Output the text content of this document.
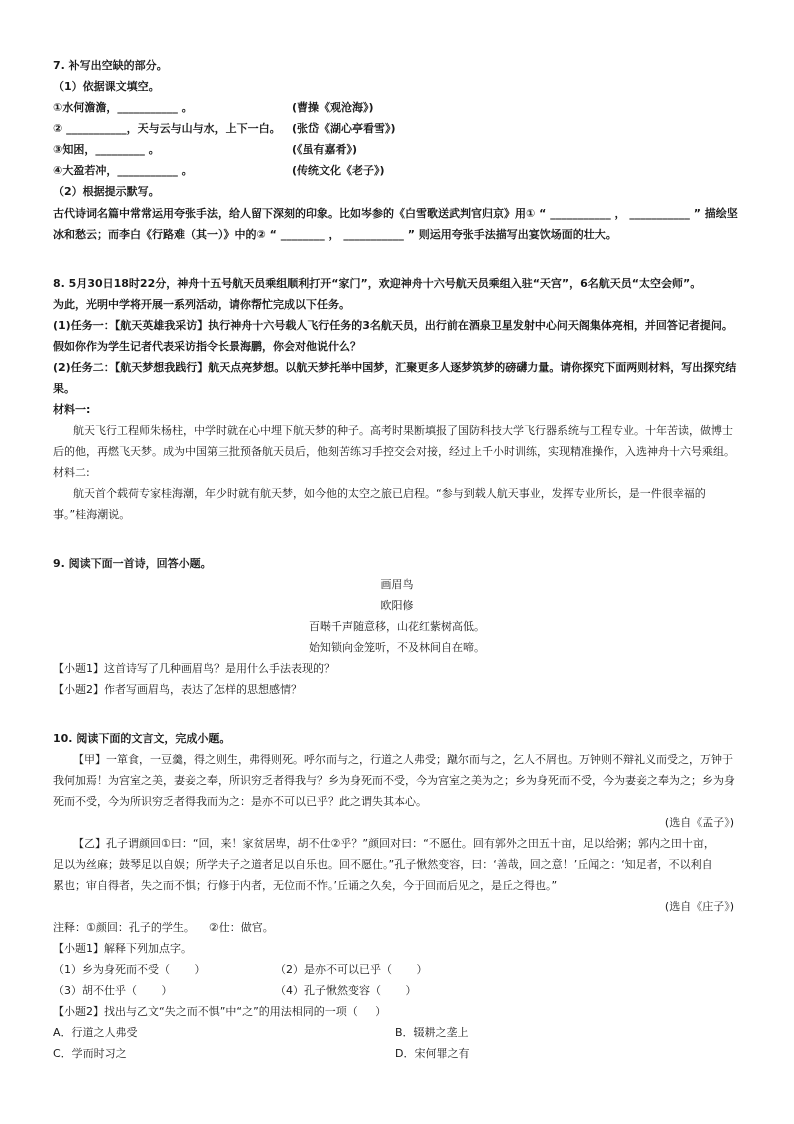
7. 补写出空缺的部分。

（1）依据课文填空。

①水何澹澹，___________ 。	(曹操《观沧海》)

② ___________，天与云与山与水，上下一白。 (张岱《湖心亭看雪》)

③知困，_________ 。	(《虽有嘉肴》)

④大盈若冲，___________ 。	(传统文化《老子》)

（2）根据提示默写。

古代诗词名篇中常常运用夸张手法，给人留下深刻的印象。比如岑参的《白雪歌送武判官归京》用① “ ___________ ， ___________ ” 描绘坚

冰和愁云；而李白《行路难（其一）》中的② “ ________ ， ___________ ” 则运用夸张手法描写出宴饮场面的壮大。

8. 5月30日18时22分，神舟十五号航天员乘组顺利打开“家门”，欢迎神舟十六号航天员乘组入驻“天宫”，6名航天员“太空会师”。

为此，光明中学将开展一系列活动，请你帮忙完成以下任务。

(1)任务一：【航天英雄我采访】执行神舟十六号载人飞行任务的3名航天员，出行前在酒泉卫星发射中心问天阁集体亮相，并回答记者提问。

假如你作为学生记者代表采访指令长景海鹏，你会对他说什么？

(2)任务二：【航天梦想我践行】航天点亮梦想。以航天梦托举中国梦，汇聚更多人逐梦筑梦的磅礴力量。请你探究下面两则材料，写出探究结

果。

材料一:

航天飞行工程师朱杨柱，中学时就在心中埋下航天梦的种子。高考时果断填报了国防科技大学飞行器系统与工程专业。十年苦读，做博士

后的他，再燃飞天梦。成为中国第三批预备航天员后，他刻苦练习手控交会对接，经过上千小时训练，实现精准操作，入选神舟十六号乘组。

材料二:

航天首个载荷专家桂海潮，年少时就有航天梦，如今他的太空之旅已启程。“参与到载人航天事业，发挥专业所长，是一件很幸福的

事。”桂海潮说。

9. 阅读下面一首诗，回答小题。

画眉鸟

欧阳修

百啭千声随意移，山花红紫树高低。

始知锁向金笼听，不及林间自在啼。

【小题1】这首诗写了几种画眉鸟？是用什么手法表现的？

【小题2】作者写画眉鸟，表达了怎样的思想感情？

10. 阅读下面的文言文，完成小题。

【甲】一箪食，一豆羹，得之则生，弗得则死。呼尔而与之，行道之人弗受；蹴尔而与之，乞人不屑也。万钟则不辩礼义而受之，万钟于

我何加焉！为宫室之美，妻妾之奉，所识穷乏者得我与？乡为身死而不受，今为宫室之美为之；乡为身死而不受，今为妻妾之奉为之；乡为身

死而不受，今为所识穷乏者得我而为之：是亦不可以已乎？此之谓失其本心。

(选自《孟子》)

【乙】孔子谓颜回①曰：“回，来！家贫居卑，胡不仕②乎？”颜回对曰：“不愿仕。回有郭外之田五十亩，足以给粥；郭内之田十亩，

足以为丝麻；鼓琴足以自娱；所学夫子之道者足以自乐也。回不愿仕。”孔子愀然变容，曰：‘善哉，回之意！’丘闻之：‘知足者，不以利自

累也；审自得者，失之而不惧；行修于内者，无位而不怍。’丘诵之久矣，今于回而后见之，是丘之得也。”

(选自《庄子》)

注释：①颜回：孔子的学生。    ②仕：做官。

【小题1】解释下列加点字。

（1）乡为身死而不受（       ）	（2）是亦不可以已乎（       ）

（3）胡不仕乎（       ）	（4）孔子愀然变容（       ）

【小题2】找出与乙文“失之而不惧”中“之”的用法相同的一项（     ）

A．行道之人弗受	B．辍耕之垄上

C．学而时习之	D．宋何罪之有
